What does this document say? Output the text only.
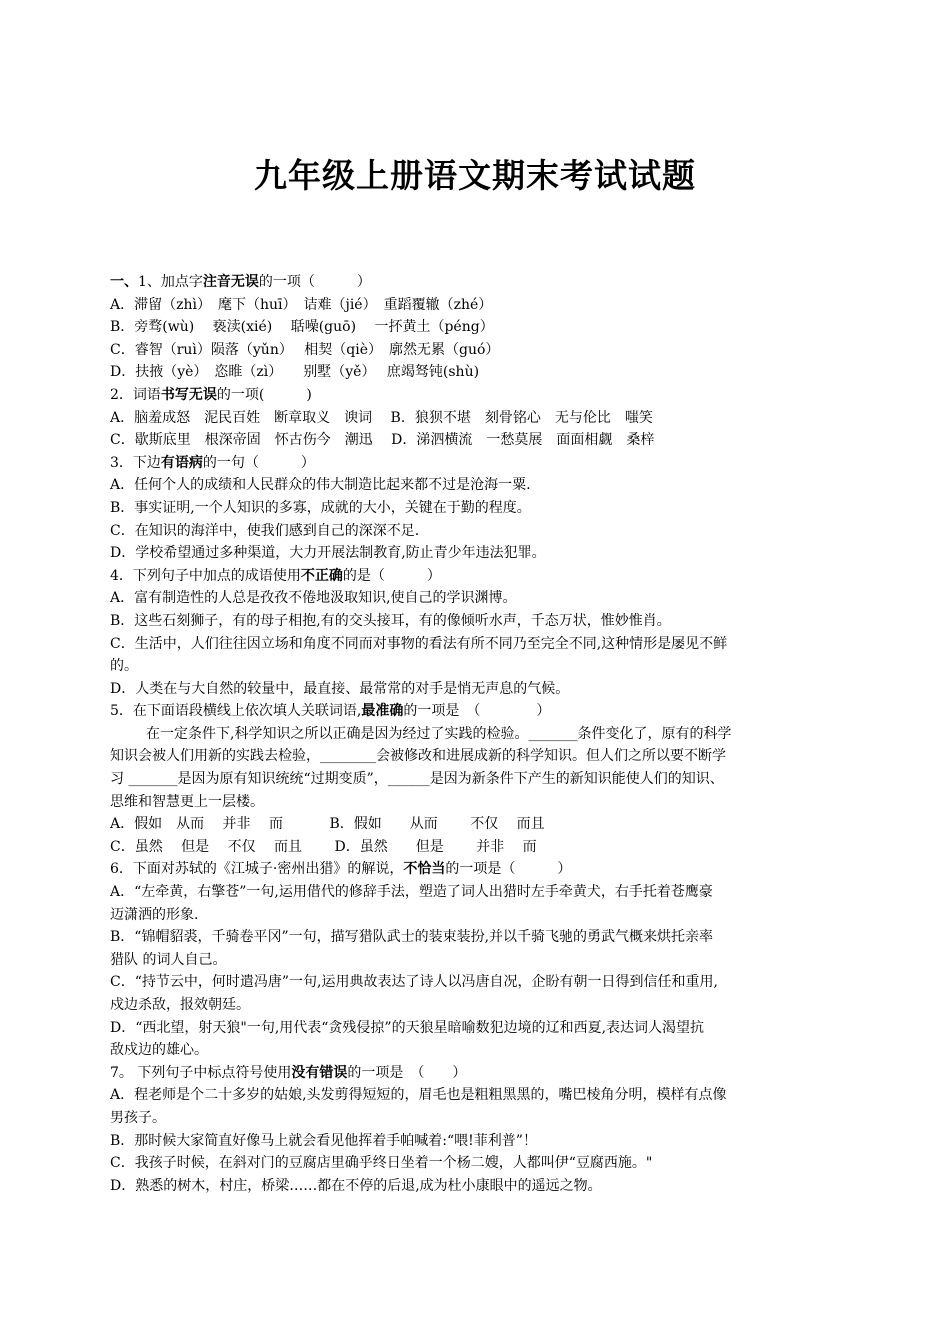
九年级上册语文期末考试试题
一、1、加点字注音无误的一项（　　　）
A．滞留（zhì）　麾下（huī）　诘难（jié）　重蹈覆辙（zhé）
B．旁骛(wù)　 亵渎(xié)　 聒噪(guō)　 一抔黄土（péng）
C．睿智（ruì）陨落（yǔn）　 相契（qiè）　廓然无累（guó）
D．扶掖（yè）　恣睢（zì）　　别墅（yě）　 庶竭驽钝(shù)
2．词语书写无误的一项(　　　)
A．脑羞成怒　泥民百姓　断章取义　谀词　 B．狼狈不堪　刻骨铭心　无与伦比　嗤笑
C．歇斯底里　根深帝固　怀古伤今　潮迅　 D．涕泗横流　一愁莫展　面面相觑　桑梓
3．下边有语病的一句（　　　）
A．任何个人的成绩和人民群众的伟大制造比起来都不过是沧海一粟.
B．事实证明,一个人知识的多寡，成就的大小，关键在于勤的程度。
C．在知识的海洋中，使我们感到自己的深深不足.
D．学校希望通过多种渠道，大力开展法制教育,防止青少年违法犯罪。
4．下列句子中加点的成语使用不正确的是（　　　）
A．富有制造性的人总是孜孜不倦地汲取知识,使自己的学识渊博。
B．这些石刻狮子，有的母子相抱,有的交头接耳，有的像倾听水声，千态万状，惟妙惟肖。
C．生活中，人们往往因立场和角度不同而对事物的看法有所不同乃至完全不同,这种情形是屡见不鲜
的。
D．人类在与大自然的较量中，最直接、最常常的对手是悄无声息的气候。
5．在下面语段横线上依次填人关联词语,最准确的一项是　（　　　　）
在一定条件下,科学知识之所以正确是因为经过了实践的检验。_______条件变化了，原有的科学
知识会被人们用新的实践去检验，________会被修改和进展成新的科学知识。但人们之所以要不断学
习 _______是因为原有知识统统“过期变质”，______是因为新条件下产生的新知识能使人们的知识、
思维和智慧更上一层楼。
A．假如　从而　 并非　 而　　　 B．假如　　从而　　 不仅　 而且
C．虽然　 但是　 不仅　 而且　　 D．虽然　　但是　　 并非　 而
6．下面对苏轼的《江城子·密州出猎》的解说，不恰当的一项是（　　　）
A．“左牵黄，右擎苍”一句,运用借代的修辞手法，塑造了词人出猎时左手牵黄犬，右手托着苍鹰豪
迈潇洒的形象.
B．“锦帽貂裘，千骑卷平冈”一句，描写猎队武士的装束装扮,并以千骑飞驰的勇武气概来烘托亲率
猎队 的词人自己。
C．“持节云中，何时遣冯唐”一句,运用典故表达了诗人以冯唐自况，企盼有朝一日得到信任和重用,
戍边杀敌，报效朝廷。
D．“西北望，射天狼"一句,用代表“贪残侵掠”的天狼星暗喻数犯边境的辽和西夏,表达词人渴望抗
敌戍边的雄心。
7。 下列句子中标点符号使用没有错误的一项是　（　　）
A．程老师是个二十多岁的姑娘,头发剪得短短的，眉毛也是粗粗黑黑的，嘴巴棱角分明，模样有点像
男孩子。
B．那时候大家简直好像马上就会看见他挥着手帕喊着:“喂!菲利普”！
C．我孩子时候，在斜对门的豆腐店里确乎终日坐着一个杨二嫂，人都叫伊“豆腐西施。"
D．熟悉的树木，村庄，桥梁……都在不停的后退,成为杜小康眼中的遥远之物。
